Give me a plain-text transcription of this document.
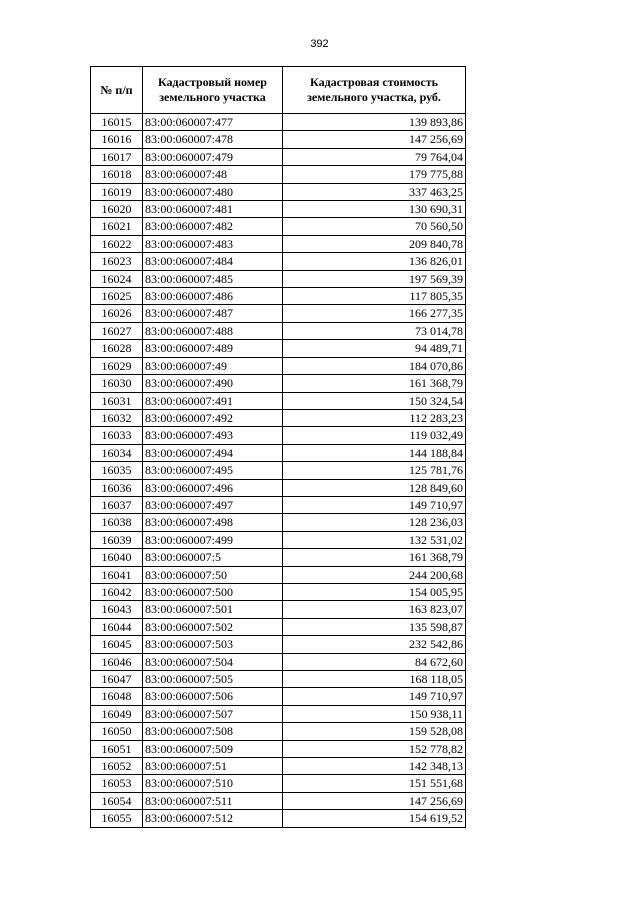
392
№ п/п	Кадастровый номер земельного участка	Кадастровая стоимость земельного участка, руб.
16015	83:00:060007:477	139 893,86
16016	83:00:060007:478	147 256,69
16017	83:00:060007:479	79 764,04
16018	83:00:060007:48	179 775,88
16019	83:00:060007:480	337 463,25
16020	83:00:060007:481	130 690,31
16021	83:00:060007:482	70 560,50
16022	83:00:060007:483	209 840,78
16023	83:00:060007:484	136 826,01
16024	83:00:060007:485	197 569,39
16025	83:00:060007:486	117 805,35
16026	83:00:060007:487	166 277,35
16027	83:00:060007:488	73 014,78
16028	83:00:060007:489	94 489,71
16029	83:00:060007:49	184 070,86
16030	83:00:060007:490	161 368,79
16031	83:00:060007:491	150 324,54
16032	83:00:060007:492	112 283,23
16033	83:00:060007:493	119 032,49
16034	83:00:060007:494	144 188,84
16035	83:00:060007:495	125 781,76
16036	83:00:060007:496	128 849,60
16037	83:00:060007:497	149 710,97
16038	83:00:060007:498	128 236,03
16039	83:00:060007:499	132 531,02
16040	83:00:060007:5	161 368,79
16041	83:00:060007:50	244 200,68
16042	83:00:060007:500	154 005,95
16043	83:00:060007:501	163 823,07
16044	83:00:060007:502	135 598,87
16045	83:00:060007:503	232 542,86
16046	83:00:060007:504	84 672,60
16047	83:00:060007:505	168 118,05
16048	83:00:060007:506	149 710,97
16049	83:00:060007:507	150 938,11
16050	83:00:060007:508	159 528,08
16051	83:00:060007:509	152 778,82
16052	83:00:060007:51	142 348,13
16053	83:00:060007:510	151 551,68
16054	83:00:060007:511	147 256,69
16055	83:00:060007:512	154 619,52
